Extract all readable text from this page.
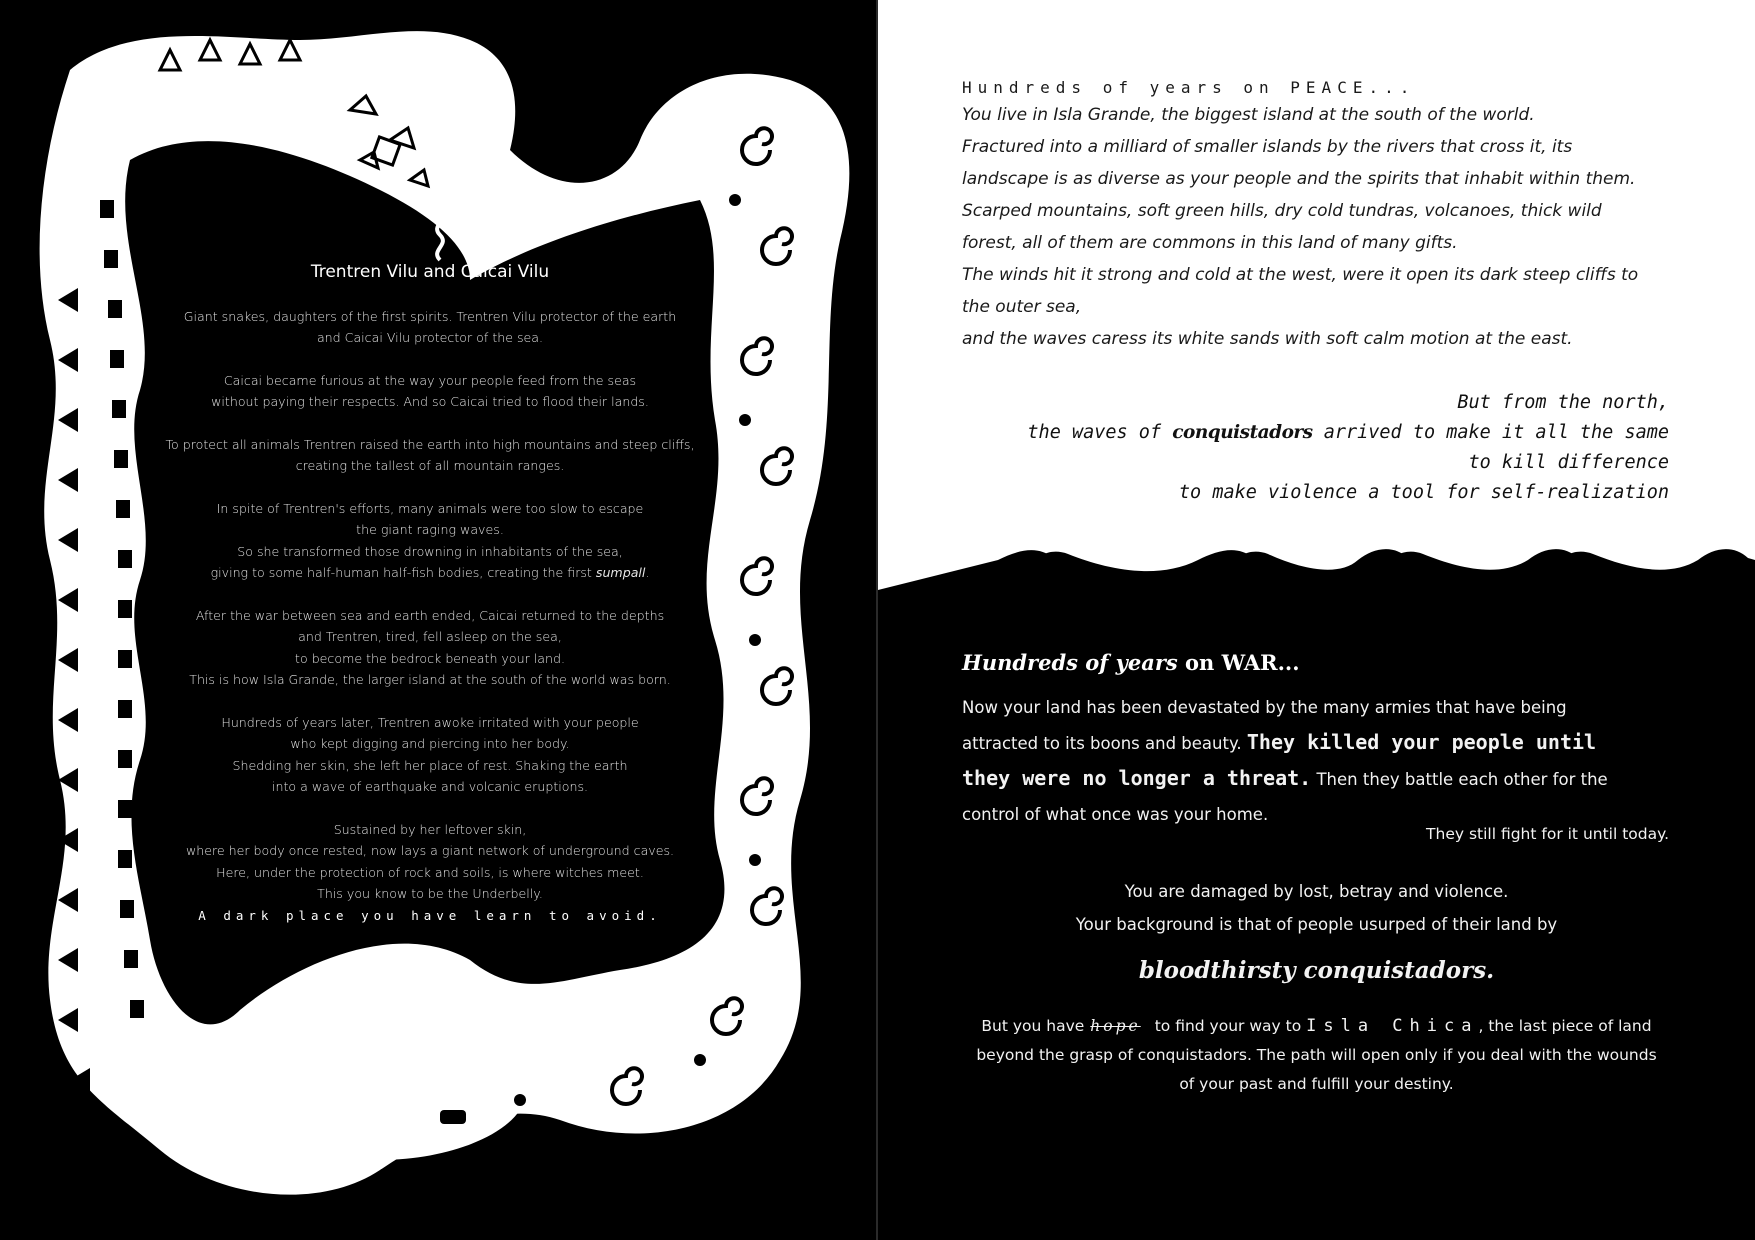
Trentren Vilu and Caicai Vilu

Giant snakes, daughters of the first spirits. Trentren Vilu protector of the earth
and Caicai Vilu protector of the sea.

Caicai became furious at the way your people feed from the seas
without paying their respects. And so Caicai tried to flood their lands.

To protect all animals Trentren raised the earth into high mountains and steep cliffs,
creating the tallest of all mountain ranges.

In spite of Trentren's efforts, many animals were too slow to escape
the giant raging waves.
So she transformed those drowning in inhabitants of the sea,
giving to some half-human half-fish bodies, creating the first sumpall.

After the war between sea and earth ended, Caicai returned to the depths
and Trentren, tired, fell asleep on the sea,
to become the bedrock beneath your land.
This is how Isla Grande, the larger island at the south of the world was born.

Hundreds of years later, Trentren awoke irritated with your people
who kept digging and piercing into her body.
Shedding her skin, she left her place of rest. Shaking the earth
into a wave of earthquake and volcanic eruptions.

Sustained by her leftover skin,
where her body once rested, now lays a giant network of underground caves.
Here, under the protection of rock and soils, is where witches meet.
This you know to be the Underbelly.
A dark place you have learn to avoid.

Hundreds of years on PEACE...

You live in Isla Grande, the biggest island at the south of the world.

Fractured into a milliard of smaller islands by the rivers that cross it, its

landscape is as diverse as your people and the spirits that inhabit within them.

Scarped mountains, soft green hills, dry cold tundras, volcanoes, thick wild

forest, all of them are commons in this land of many gifts.

The winds hit it strong and cold at the west, were it open its dark steep cliffs to

the outer sea,

and the waves caress its white sands with soft calm motion at the east.

But from the north,
the waves of conquistadors arrived to make it all the same
to kill difference
to make violence a tool for self-realization
Hundreds of years on WAR...
Now your land has been devastated by the many armies that have being
attracted to its boons and beauty. They killed your people until
they were no longer a threat. Then they battle each other for the
control of what once was your home.
They still fight for it until today.
You are damaged by lost, betray and violence.
Your background is that of people usurped of their land by
bloodthirsty conquistadors.
But you have hope to find your way to Isla Chica, the last piece of land
beyond the grasp of conquistadors. The path will open only if you deal with the wounds
of your past and fulfill your destiny.
